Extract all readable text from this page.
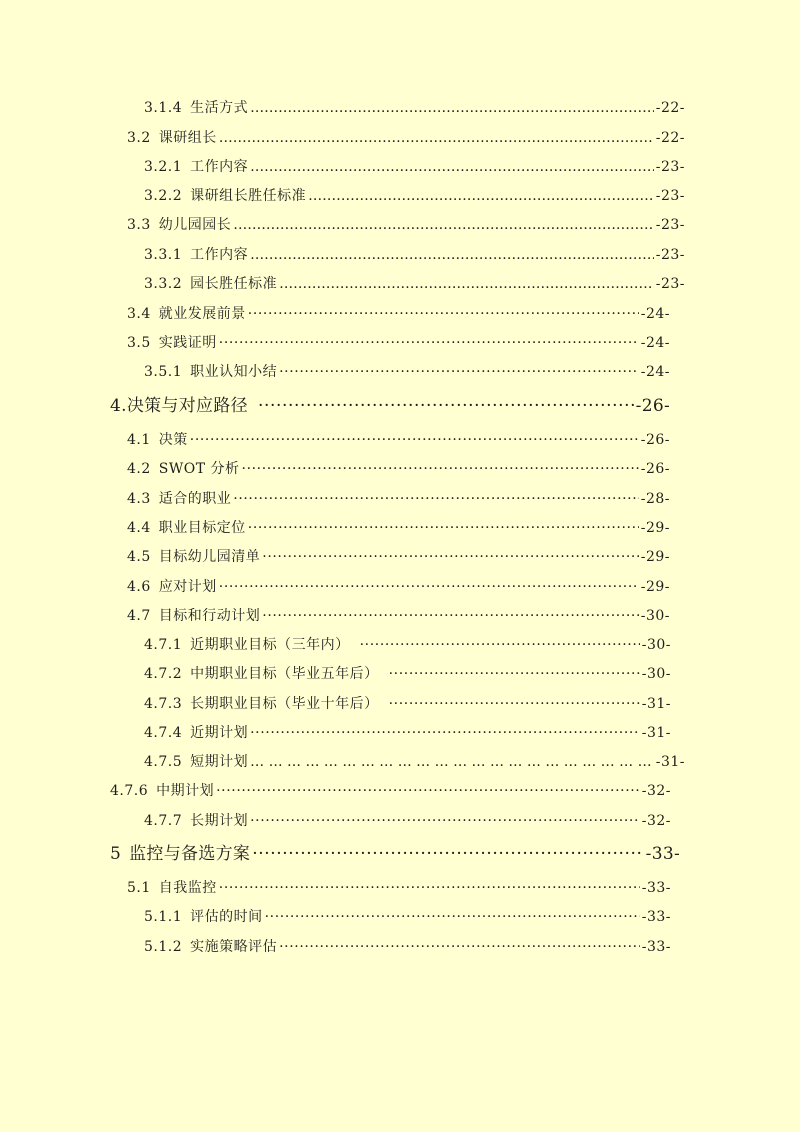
3.1.4 生活方式 …………………………………………………………………………………………………………………………………………………………………………………………………………	-22-
3.2 课研组长 …………………………………………………………………………………………………………………………………………………………………………………………………………	-22-
3.2.1 工作内容 …………………………………………………………………………………………………………………………………………………………………………………………………………	-23-
3.2.2 课研组长胜任标准 …………………………………………………………………………………………………………………………………………………………………………………………………………	-23-
3.3 幼儿园园长 …………………………………………………………………………………………………………………………………………………………………………………………………………	-23-
3.3.1 工作内容 …………………………………………………………………………………………………………………………………………………………………………………………………………	-23-
3.3.2 园长胜任标准 …………………………………………………………………………………………………………………………………………………………………………………………………………	-23-
3.4 就业发展前景 ·····	-24-
3.5 实践证明 ·····	-24-
3.5.1 职业认知小结 ·····	-24-
4. 决策与对应路径 ·····	-26-
4.1 决策 ·····	-26-
4.2 SWOT 分析 ·····	-26-
4.3 适合的职业 ·····	-28-
4.4 职业目标定位 ·····	-29-
4.5 目标幼儿园清单 ·····	-29-
4.6 应对计划 ·····	-29-
4.7 目标和行动计划 ·····	-30-
4.7.1 近期职业目标（三年内） ·····	-30-
4.7.2 中期职业目标（毕业五年后） ·····	-30-
4.7.3 长期职业目标（毕业十年后） ·····	-31-
4.7.4 近期计划 ·····	-31-
4.7.5 短期计划 … … … … … … … … … … … … … … … … … … … … … … … … … … … … … … … … … … … … … … … … … … … … … … …	-31-
4.7.6 中期计划 ·····	-32-
4.7.7 长期计划 ·····	-32-
5 监控与备选方案 ·····	-33-
5.1 自我监控 ·····	-33-
5.1.1 评估的时间 ·····	-33-
5.1.2 实施策略评估 ·····	-33-
